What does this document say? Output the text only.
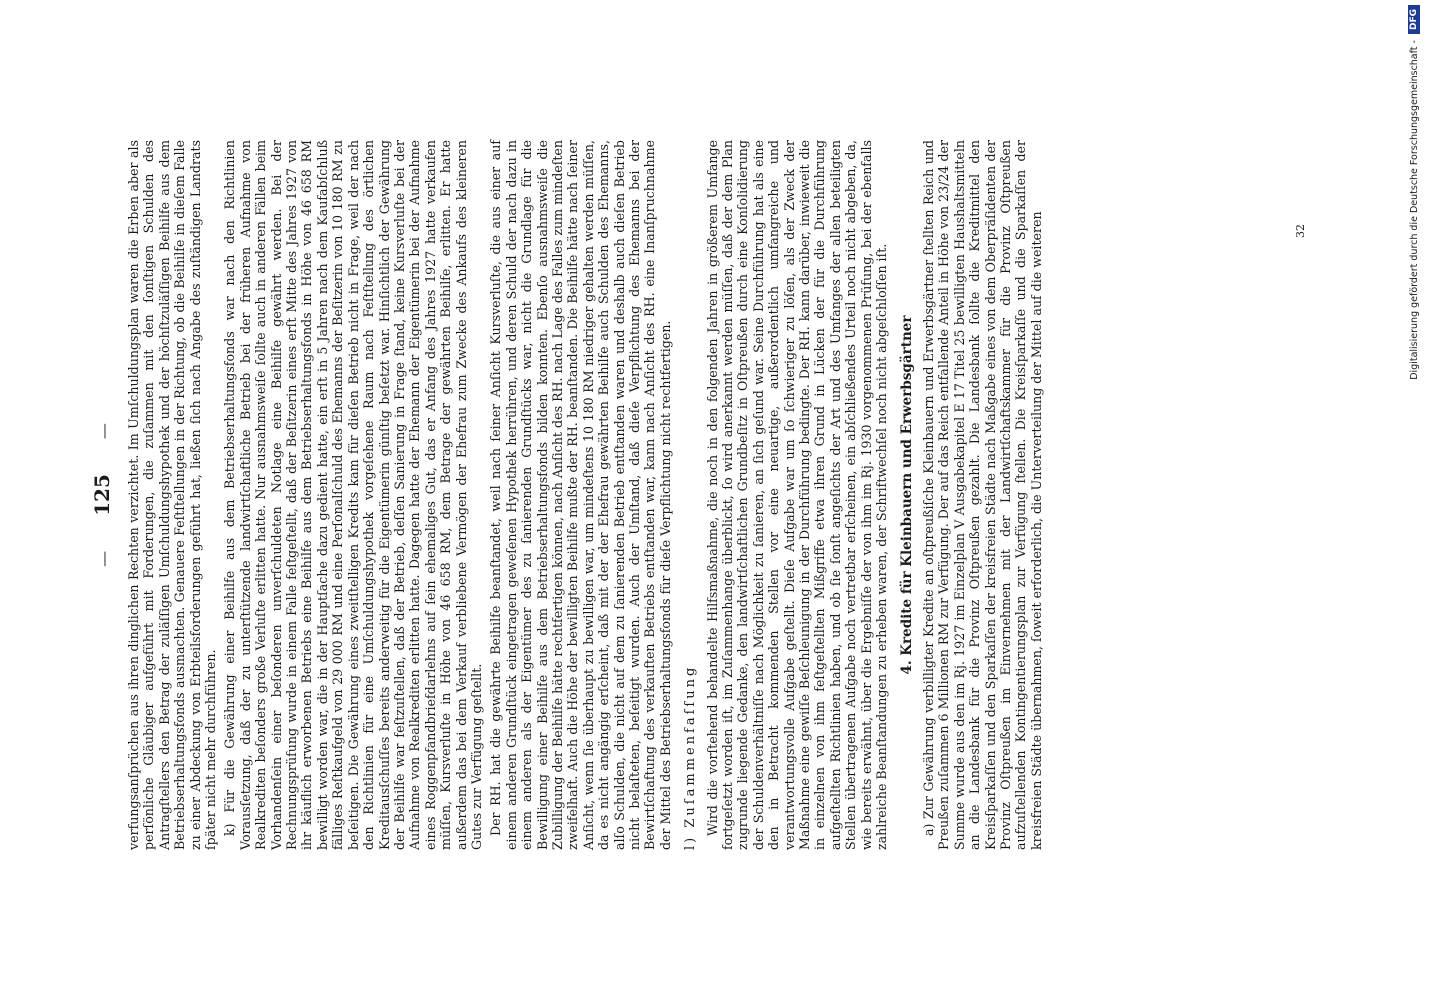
— 125 — verfungsanſprüchen aus ihren dinglichen Rechten verzichtet. Im Umſchuldungsplan waren die Erben aber als perſönliche Gläubiger aufgeführt mit Forderungen, die zuſammen mit den ſonſtigen Schulden des Antragſtellers den Betrag der zuläſſigen Umſchuldungshypothek und der höchſtzuläſſigen Beihilfe aus dem Betriebserhaltungsfonds ausmachten. Genauere Feſtſtellungen in der Richtung, ob die Beihilfe in dieſem Falle zu einer Abdeckung von Erbteilsforderungen geführt hat, ließen ſich nach Angabe des zuſtändigen Landrats ſpäter nicht mehr durchführen. k) Für die Gewährung einer Beihilfe aus dem Betriebserhaltungsfonds war nach den Richtlinien Vorausſetzung, daß der zu unterſtützende landwirtſchaftliche Betrieb bei der früheren Aufnahme von Realkrediten beſonders große Verluſte erlitten hatte. Nur ausnahmsweiſe ſollte auch in anderen Fällen beim Vorhandenſein einer beſonderen unverſchuldeten Notlage eine Beihilfe gewährt werden. Bei der Rechnungsprüfung wurde in einem Falle feſtgeſtellt, daß der Beſitzerin eines erſt Mitte des Jahres 1927 von ihr käuflich erworbenen Betriebs eine Beihilfe aus dem Betriebserhaltungsfonds in Höhe von 46 658 RM bewilligt worden war, die in der Hauptſache dazu gedient hatte, ein erſt in 5 Jahren nach dem Kaufabſchluß fälliges Reſtkaufgeld von 29 000 RM und eine Perſonalſchuld des Ehemanns der Beſitzerin von 10 180 RM zu beſeitigen. Die Gewährung eines zweitſtelligen Kredits kam für dieſen Betrieb nicht in Frage, weil der nach den Richtlinien für eine Umſchuldungshypothek vorgeſehene Raum nach Feſtſtellung des örtlichen Kreditausſchuſſes bereits anderweitig für die Eigentümerin günſtig beſetzt war. Hinſichtlich der Gewährung der Beihilfe war feſtzuſtellen, daß der Betrieb, deſſen Sanierung in Frage ſtand, keine Kursverluſte bei der Aufnahme von Realkrediten erlitten hatte. Dagegen hatte der Ehemann der Eigentümerin bei der Aufnahme eines Roggenpfandbriefdarlehns auf ſein ehemaliges Gut, das er Anfang des Jahres 1927 hatte verkaufen müſſen, Kursverluſte in Höhe von 46 658 RM, dem Betrage der gewährten Beihilfe, erlitten. Er hatte außerdem das bei dem Verkauf verbliebene Vermögen der Ehefrau zum Zwecke des Ankaufs des kleineren Gutes zur Verfügung geſtellt. Der RH. hat die gewährte Beihilfe beanſtandet, weil nach ſeiner Anſicht Kursverluſte, die aus einer auf einem anderen Grundſtück eingetragen geweſenen Hypothek herrühren, und deren Schuld der nach dazu in einem anderen als der Eigentümer des zu ſanierenden Grundſtücks war, nicht die Grundlage für die Bewilligung einer Beihilfe aus dem Betriebserhaltungsfonds bilden konnten. Ebenſo ausnahmsweiſe die Zubilligung der Beihilfe hätte rechtfertigen können, nach Anſicht des RH. nach Lage des Falles zum mindeſten zweifelhaft. Auch die Höhe der bewilligten Beihilfe mußte der RH. beanſtanden. Die Beihilfe hätte nach ſeiner Anſicht, wenn ſie überhaupt zu bewilligen war, um mindeſtens 10 180 RM niedriger gehalten werden müſſen, da es nicht angängig erſcheint, daß mit der der Ehefrau gewährten Beihilfe auch Schulden des Ehemanns, alſo Schulden, die nicht auf dem zu ſanierenden Betrieb entſtanden waren und deshalb auch dieſen Betrieb nicht belaſteten, beſeitigt wurden. Auch der Umſtand, daß dieſe Verpflichtung des Ehemanns bei der Bewirtſchaftung des verkauften Betriebs entſtanden war, kann nach Anſicht des RH. eine Inanſpruchnahme der Mittel des Betriebserhaltungsfonds für dieſe Verpflichtung nicht rechtfertigen. l) Zuſammenfaſſung Wird die vorſtehend behandelte Hilfsmaßnahme, die noch in den folgenden Jahren in größerem Umfange fortgeſetzt worden iſt, im Zuſammenhange überblickt, ſo wird anerkannt werden müſſen, daß der dem Plan zugrunde liegende Gedanke, den landwirtſchaftlichen Grundbeſitz in Oſtpreußen durch eine Konſolidierung der Schuldenverhältniſſe nach Möglichkeit zu ſanieren, an ſich geſund war. Seine Durchführung hat als eine den in Betracht kommenden Stellen vor eine neuartige, außerordentlich umfangreiche und verantwortungsvolle Aufgabe geſtellt. Dieſe Aufgabe war um ſo ſchwieriger zu löſen, als der Zweck der Maßnahme eine gewiſſe Beſchleunigung in der Durchführung bedingte. Der RH. kann darüber, inwieweit die in einzelnen von ihm feſtgeſtellten Mißgriffe etwa ihren Grund in Lücken der für die Durchführung aufgeſtellten Richtlinien haben, und ob ſie ſonſt angeſichts der Art und des Umfanges der allen beteiligten Stellen übertragenen Aufgabe noch vertretbar erſcheinen, ein abſchließendes Urteil noch nicht abgeben, da, wie bereits erwähnt, über die Ergebniſſe der von ihm im Rj. 1930 vorgenommenen Prüfung, bei der ebenfalls zahlreiche Beanſtandungen zu erheben waren, der Schriftwechſel noch nicht abgeſchloſſen iſt. 4. Kredite für Kleinbauern und Erwerbsgärtner a) Zur Gewährung verbilligter Kredite an oſtpreußiſche Kleinbauern und Erwerbsgärtner ſtellten Reich und Preußen zuſammen 6 Millionen RM zur Verfügung. Der auf das Reich entfallende Anteil in Höhe von 23/24 der Summe wurde aus den im Rj. 1927 im Einzelplan V Ausgabekapitel E 17 Titel 25 bewilligten Haushaltsmitteln an die Landesbank für die Provinz Oſtpreußen gezahlt. Die Landesbank ſollte die Kreditmittel den Kreisſparkaſſen und den Sparkaſſen der kreisfreien Städte nach Maßgabe eines von dem Oberpräſidenten der Provinz Oſtpreußen im Einvernehmen mit der Landwirtſchaftskammer für die Provinz Oſtpreußen aufzuſtellenden Kontingentierungsplan zur Verfügung ſtellen. Die Kreisſparkaſſe und die Sparkaſſen der kreisfreien Städte übernahmen, ſoweit erforderlich, die Unterverteilung der Mittel auf die weiteren	32	Digitalisierung gefördert durch die Deutsche Forschungsgemeinschaft -
DFG
